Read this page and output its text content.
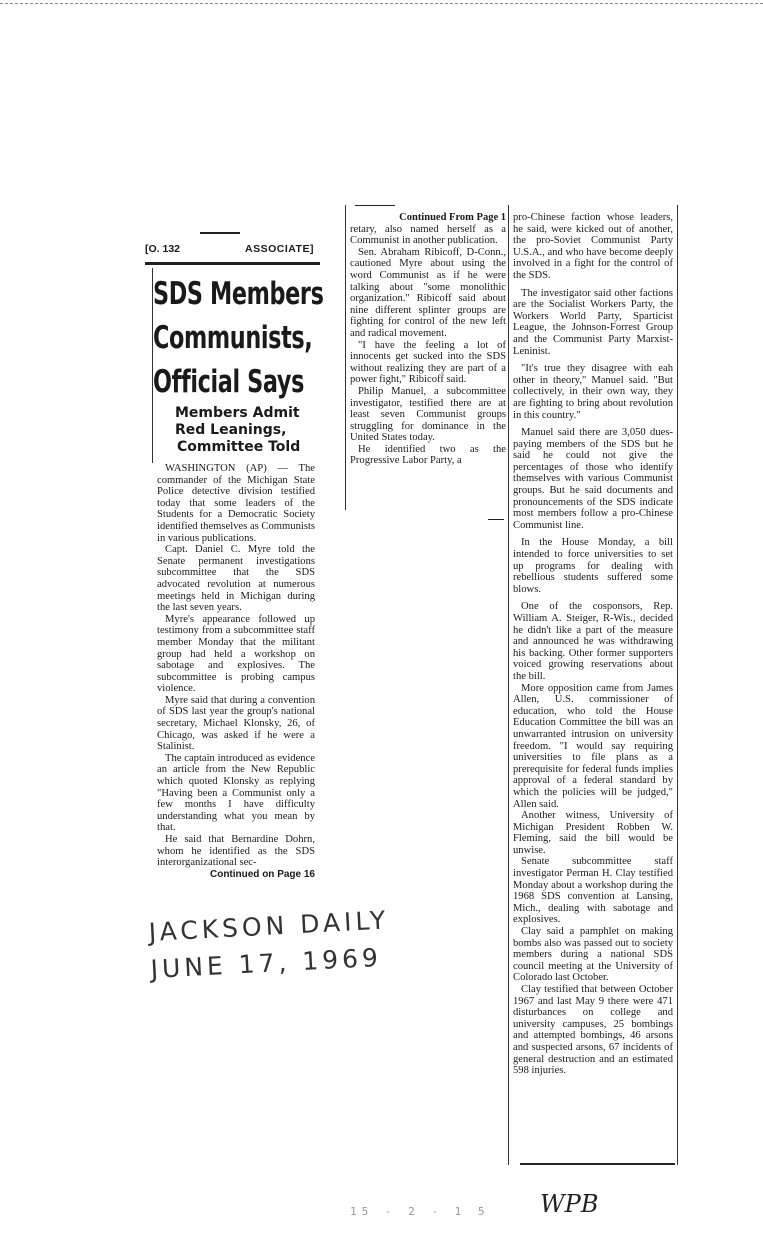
[O. 132	ASSOCIATE]
SDS Members
Communists,
Official Says
Members Admit
Red Leanings,
Committee Told

WASHINGTON (AP) — The commander of the Michigan State Police detective division testified today that some leaders of the Students for a Democratic Society identified themselves as Communists in various publications.

Capt. Daniel C. Myre told the Senate permanent investigations subcommittee that the SDS advocated revolution at numerous meetings held in Michigan during the last seven years.

Myre's appearance followed up testimony from a subcommittee staff member Monday that the militant group had held a workshop on sabotage and explosives. The subcommittee is probing campus violence.

Myre said that during a convention of SDS last year the group's national secretary, Michael Klonsky, 26, of Chicago, was asked if he were a Stalinist.

The captain introduced as evidence an article from the New Republic which quoted Klonsky as replying "Having been a Communist only a few months I have difficulty understanding what you mean by that.

He said that Bernardine Dohrn, whom he identified as the SDS interorganizational sec-

Continued on Page 16
Continued From Page 1

retary, also named herself as a Communist in another publication.

Sen. Abraham Ribicoff, D-Conn., cautioned Myre about using the word Communist as if he were talking about "some monolithic organization." Ribicoff said about nine different splinter groups are fighting for control of the new left and radical movement.

"I have the feeling a lot of innocents get sucked into the SDS without realizing they are part of a power fight," Ribicoff said.

Philip Manuel, a subcommittee investigator, testified there are at least seven Communist groups struggling for dominance in the United States today.

He identified two as the Progressive Labor Party, a

pro-Chinese faction whose leaders, he said, were kicked out of another, the pro-Soviet Communist Party U.S.A., and who have become deeply involved in a fight for the control of the SDS.

The investigator said other factions are the Socialist Workers Party, the Workers World Party, Sparticist League, the Johnson-Forrest Group and the Communist Party Marxist-Leninist.

"It's true they disagree with eah other in theory," Manuel said. "But collectively, in their own way, they are fighting to bring about revolution in this country."

Manuel said there are 3,050 dues-paying members of the SDS but he said he could not give the percentages of those who identify themselves with various Communist groups. But he said documents and pronouncements of the SDS indicate most members follow a pro-Chinese Communist line.

In the House Monday, a bill intended to force universities to set up programs for dealing with rebellious students suffered some blows.

One of the cosponsors, Rep. William A. Steiger, R-Wis., decided he didn't like a part of the measure and announced he was withdrawing his backing. Other former supporters voiced growing reservations about the bill.

More opposition came from James Allen, U.S. commissioner of education, who told the House Education Committee the bill was an unwarranted intrusion on university freedom. "I would say requiring universities to file plans as a prerequisite for federal funds implies approval of a federal standard by which the policies will be judged," Allen said.

Another witness, University of Michigan President Robben W. Fleming, said the bill would be unwise.

Senate subcommittee staff investigator Perman H. Clay testified Monday about a workshop during the 1968 SDS convention at Lansing, Mich., dealing with sabotage and explosives.

Clay said a pamphlet on making bombs also was passed out to society members during a national SDS council meeting at the University of Colorado last October.

Clay testified that between October 1967 and last May 9 there were 471 disturbances on college and university campuses, 25 bombings and attempted bombings, 46 arsons and suspected arsons, 67 incidents of general destruction and an estimated 598 injuries.

JACKSON DAILY
JUNE 17, 1969
15 - 2 - 1 5 WPB
